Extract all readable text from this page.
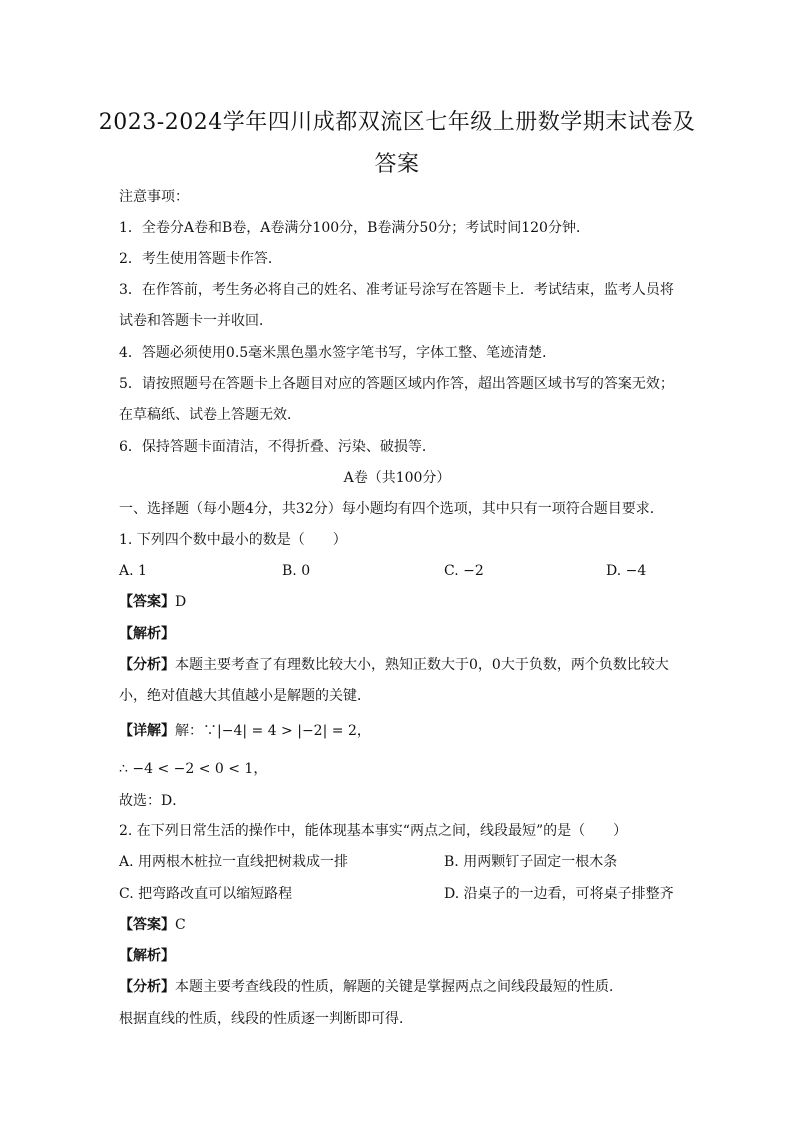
2023-2024学年四川成都双流区七年级上册数学期末试卷及
答案
注意事项：
1．全卷分A卷和B卷，A卷满分100分，B卷满分50分；考试时间120分钟．
2．考生使用答题卡作答．
3．在作答前，考生务必将自己的姓名、准考证号涂写在答题卡上．考试结束，监考人员将
试卷和答题卡一并收回．
4．答题必须使用0.5毫米黑色墨水签字笔书写，字体工整、笔迹清楚．
5．请按照题号在答题卡上各题目对应的答题区域内作答，超出答题区域书写的答案无效；
在草稿纸、试卷上答题无效．
6．保持答题卡面清洁，不得折叠、污染、破损等．
A卷（共100分）
一、选择题（每小题4分，共32分）每小题均有四个选项，其中只有一项符合题目要求．
1. 下列四个数中最小的数是（　　）
A. 1	B. 0	C. −2	D. −4
【答案】D
【解析】
【分析】本题主要考查了有理数比较大小，熟知正数大于0，0大于负数，两个负数比较大
小，绝对值越大其值越小是解题的关键．
【详解】解：∵|−4| = 4 > |−2| = 2，
∴ −4 < −2 < 0 < 1，
故选：D．
2. 在下列日常生活的操作中，能体现基本事实“两点之间，线段最短”的是（　　）
A. 用两根木桩拉一直线把树栽成一排	B. 用两颗钉子固定一根木条
C. 把弯路改直可以缩短路程	D. 沿桌子的一边看，可将桌子排整齐
【答案】C
【解析】
【分析】本题主要考查线段的性质，解题的关键是掌握两点之间线段最短的性质．
根据直线的性质，线段的性质逐一判断即可得．
